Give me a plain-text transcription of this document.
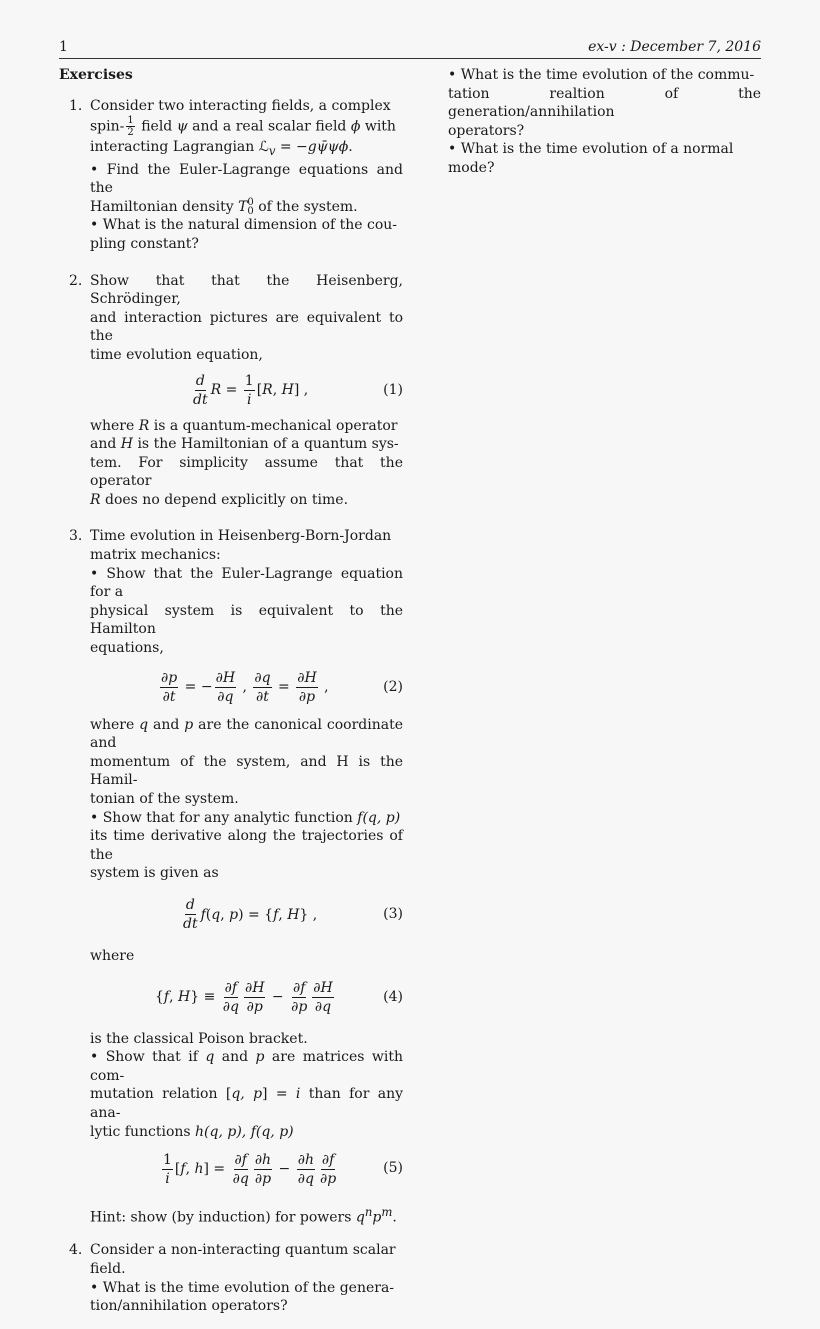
1	ex-v : December 7, 2016
Exercises
1. Consider two interacting fields, a complex
spin- $\frac{1}{2}$ field ψ and a real scalar field ϕ with
interacting Lagrangian ℒ$_v$ = −gψ̄ψϕ.
• Find the Euler-Lagrange equations and the
Hamiltonian density T0
0 of the system.
• What is the natural dimension of the cou-
pling constant?

2. Show that that the Heisenberg, Schrödinger,
and interaction pictures are equivalent to the
time evolution equation,

$\frac{d}{dt}$ $R = \frac{1}{i}$ [ R , H ] ,	(1)

where R is a quantum-mechanical operator
and H is the Hamiltonian of a quantum sys-
tem. For simplicity assume that the operator
R does no depend explicitly on time.

3. Time evolution in Heisenberg-Born-Jordan
matrix mechanics:
• Show that the Euler-Lagrange equation for a
physical system is equivalent to the Hamilton
equations,

$\frac{\partial p}{\partial t}$ = − $\frac{\partial H}{\partial q}$ , $\frac{\partial q}{\partial t} = \frac{\partial H}{\partial p}$ ,	(2)

where q and p are the canonical coordinate and
momentum of the system, and H is the Hamil-
tonian of the system.
• Show that for any analytic function f(q, p)
its time derivative along the trajectories of the
system is given as

$\frac{d}{dt}$ f ( q , p ) = { f , H } ,	(3)

where

{ f , H } ≡ $\frac{\partial f}{\partial q} \frac{\partial H}{\partial p} - \frac{\partial f}{\partial p} \frac{\partial H}{\partial q}$	(4)

is the classical Poison bracket.
• Show that if q and p are matrices with com-
mutation relation [q, p] = i than for any ana-
lytic functions h(q, p), f(q, p)

$\frac{1}{i}$ [ f , h ] = $\frac{\partial f}{\partial q} \frac{\partial h}{\partial p} - \frac{\partial h}{\partial q} \frac{\partial f}{\partial p}$	(5)

Hint: show (by induction) for powers $q^np^m$.

4. Consider a non-interacting quantum scalar
field.
• What is the time evolution of the genera-
tion/annihilation operators?

• What is the time evolution of the commu-
tation realtion of the generation/annihilation
operators?
• What is the time evolution of a normal
mode?
